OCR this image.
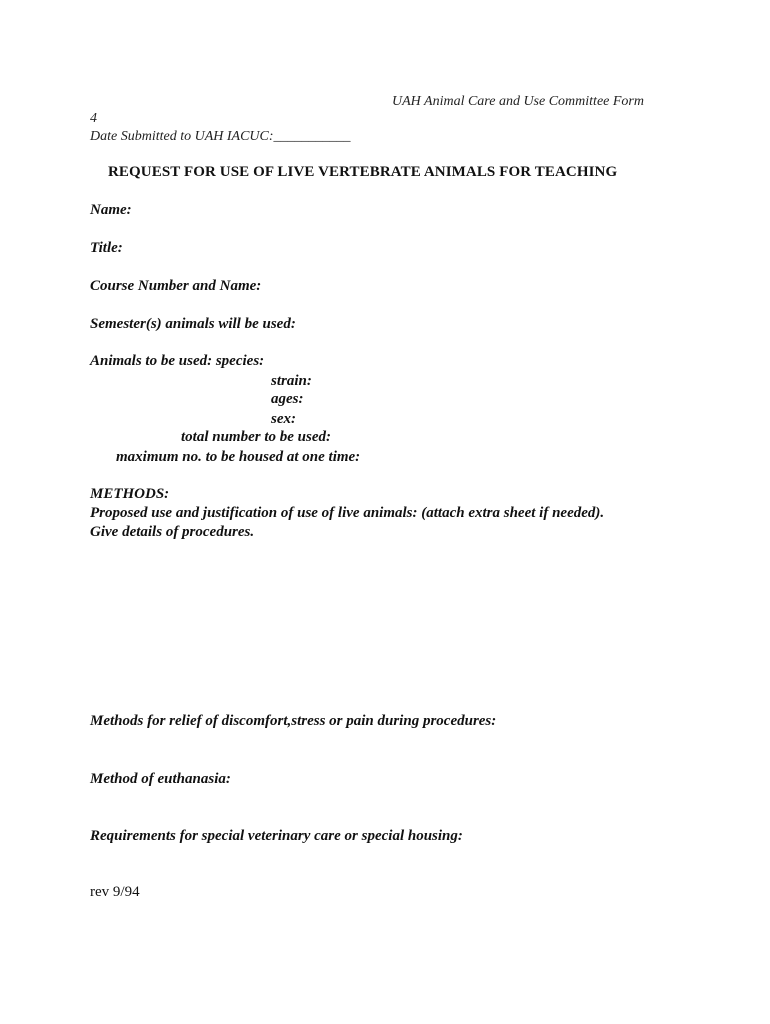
UAH Animal Care and Use Committee Form
4
Date Submitted to UAH IACUC:___________
REQUEST FOR USE OF LIVE VERTEBRATE ANIMALS FOR TEACHING
Name:
Title:
Course Number and Name:
Semester(s) animals will be used:
Animals to be used: species:
strain:
ages:
sex:
total number to be used:
maximum no. to be housed at one time:
METHODS:
Proposed use and justification of use of live animals: (attach extra sheet if needed).
Give details of procedures.
Methods for relief of discomfort,stress or pain during procedures:
Method of euthanasia:
Requirements for special veterinary care or special housing:
rev 9/94
